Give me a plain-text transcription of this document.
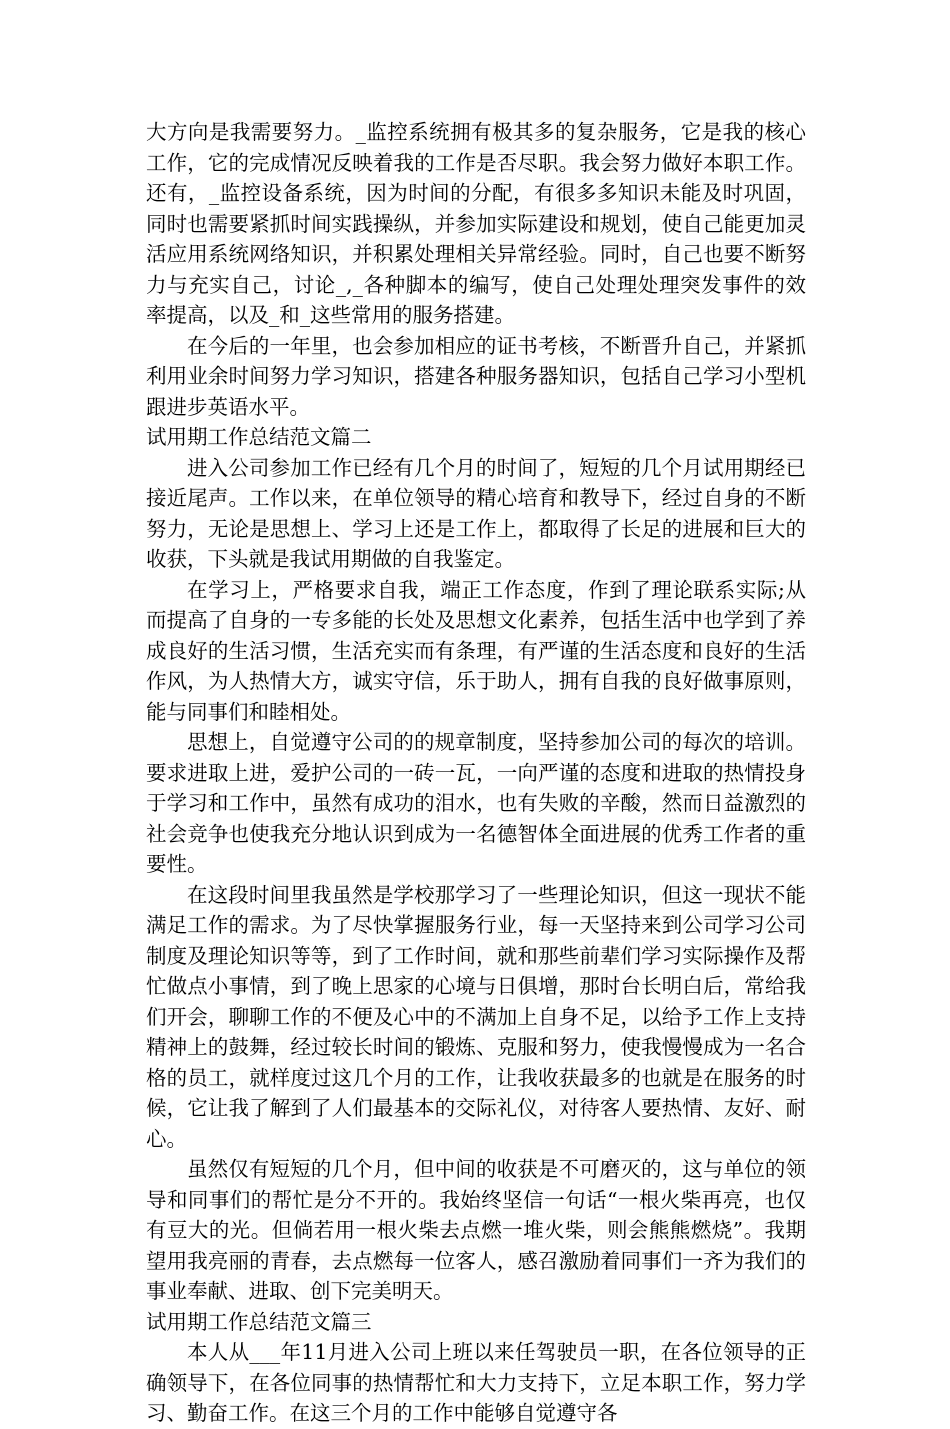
大方向是我需要努力。_监控系统拥有极其多的复杂服务，它是我的核心工作，它的完成情况反映着我的工作是否尽职。我会努力做好本职工作。还有，_监控设备系统，因为时间的分配，有很多多知识未能及时巩固，同时也需要紧抓时间实践操纵，并参加实际建设和规划，使自己能更加灵活应用系统网络知识，并积累处理相关异常经验。同时，自己也要不断努力与充实自己，讨论_,_各种脚本的编写，使自己处理处理突发事件的效率提高，以及_和_这些常用的服务搭建。

在今后的一年里，也会参加相应的证书考核，不断晋升自己，并紧抓利用业余时间努力学习知识，搭建各种服务器知识，包括自己学习小型机跟进步英语水平。

试用期工作总结范文篇二

进入公司参加工作已经有几个月的时间了，短短的几个月试用期经已接近尾声。工作以来，在单位领导的精心培育和教导下，经过自身的不断努力，无论是思想上、学习上还是工作上，都取得了长足的进展和巨大的收获，下头就是我试用期做的自我鉴定。

在学习上，严格要求自我，端正工作态度，作到了理论联系实际;从而提高了自身的一专多能的长处及思想文化素养，包括生活中也学到了养成良好的生活习惯，生活充实而有条理，有严谨的生活态度和良好的生活作风，为人热情大方，诚实守信，乐于助人，拥有自我的良好做事原则，能与同事们和睦相处。

思想上，自觉遵守公司的的规章制度，坚持参加公司的每次的培训。要求进取上进，爱护公司的一砖一瓦，一向严谨的态度和进取的热情投身于学习和工作中，虽然有成功的泪水，也有失败的辛酸，然而日益激烈的社会竞争也使我充分地认识到成为一名德智体全面进展的优秀工作者的重要性。

在这段时间里我虽然是学校那学习了一些理论知识，但这一现状不能满足工作的需求。为了尽快掌握服务行业，每一天坚持来到公司学习公司制度及理论知识等等，到了工作时间，就和那些前辈们学习实际操作及帮忙做点小事情，到了晚上思家的心境与日俱增，那时台长明白后，常给我们开会，聊聊工作的不便及心中的不满加上自身不足，以给予工作上支持精神上的鼓舞，经过较长时间的锻炼、克服和努力，使我慢慢成为一名合格的员工，就样度过这几个月的工作，让我收获最多的也就是在服务的时候，它让我了解到了人们最基本的交际礼仪，对待客人要热情、友好、耐心。

虽然仅有短短的几个月，但中间的收获是不可磨灭的，这与单位的领导和同事们的帮忙是分不开的。我始终坚信一句话“一根火柴再亮，也仅有豆大的光。但倘若用一根火柴去点燃一堆火柴，则会熊熊燃烧”。我期望用我亮丽的青春，去点燃每一位客人，感召激励着同事们一齐为我们的事业奉献、进取、创下完美明天。

试用期工作总结范文篇三

本人从___年11月进入公司上班以来任驾驶员一职，在各位领导的正确领导下，在各位同事的热情帮忙和大力支持下，立足本职工作，努力学习、勤奋工作。在这三个月的工作中能够自觉遵守各
